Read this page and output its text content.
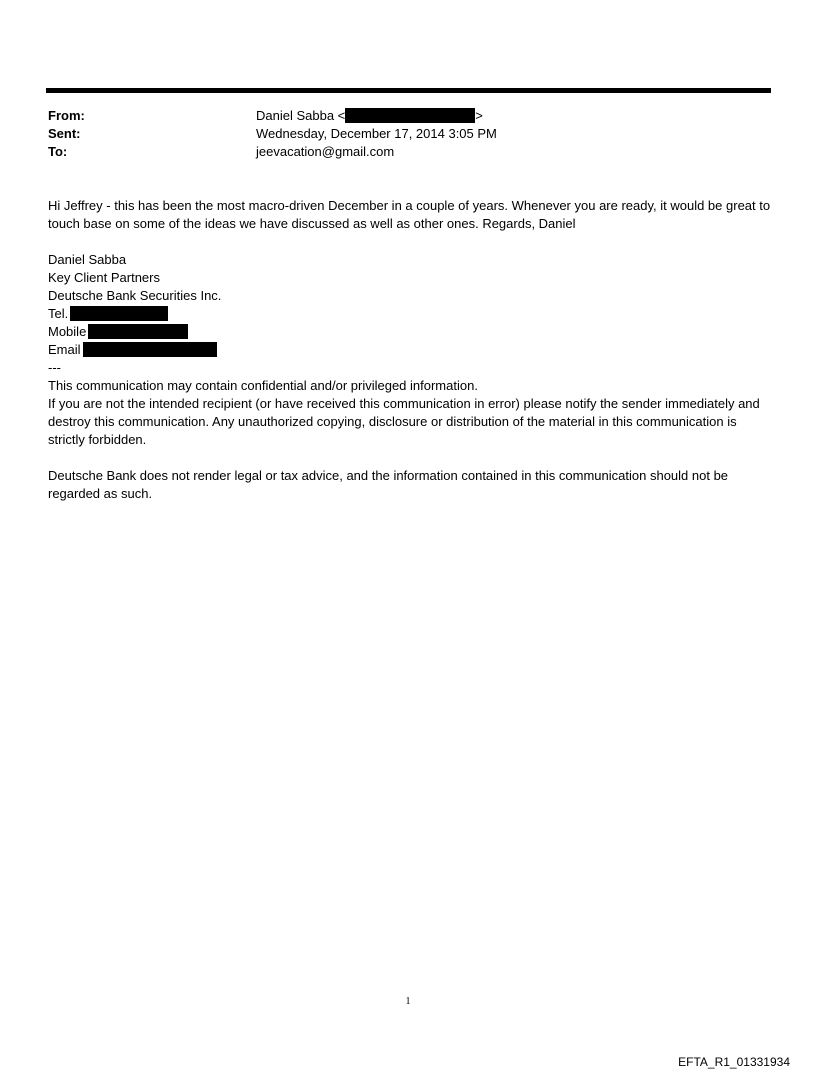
From:	Daniel Sabba <	>
Sent:	Wednesday, December 17, 2014 3:05 PM
To:	jeevacation@gmail.com
Hi Jeffrey - this has been the most macro-driven December in a couple of years. Whenever you are ready, it would be great to touch base on some of the ideas we have discussed as well as other ones. Regards, Daniel
Daniel Sabba
Key Client Partners
Deutsche Bank Securities Inc.
Tel.
Mobile
Email
---
This communication may contain confidential and/or privileged information.
If you are not the intended recipient (or have received this communication in error) please notify the sender immediately and destroy this communication. Any unauthorized copying, disclosure or distribution of the material in this communication is strictly forbidden.
Deutsche Bank does not render legal or tax advice, and the information contained in this communication should not be regarded as such.
1
EFTA_R1_01331934
